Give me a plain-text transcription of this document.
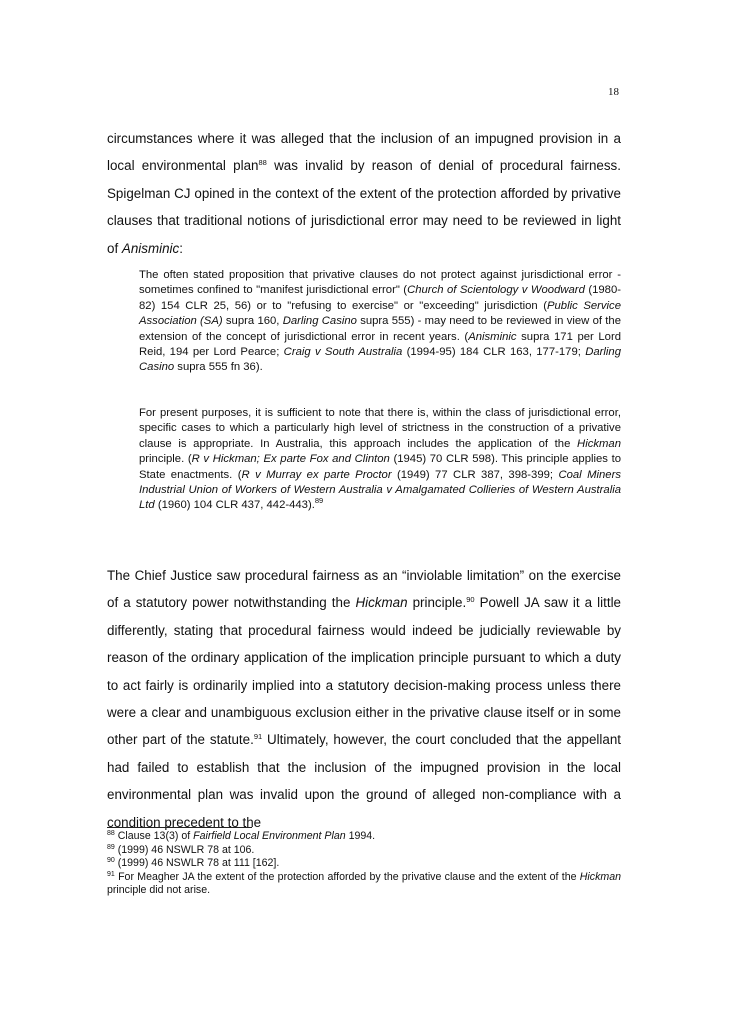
18

circumstances where it was alleged that the inclusion of an impugned provision in a local environmental plan$^{88}$ was invalid by reason of denial of procedural fairness. Spigelman CJ opined in the context of the extent of the protection afforded by privative clauses that traditional notions of jurisdictional error may need to be reviewed in light of Anisminic:

The often stated proposition that privative clauses do not protect against jurisdictional error - sometimes confined to "manifest jurisdictional error" (Church of Scientology v Woodward (1980-82) 154 CLR 25, 56) or to "refusing to exercise" or "exceeding" jurisdiction (Public Service Association (SA) supra 160, Darling Casino supra 555) - may need to be reviewed in view of the extension of the concept of jurisdictional error in recent years. (Anisminic supra 171 per Lord Reid, 194 per Lord Pearce; Craig v South Australia (1994-95) 184 CLR 163, 177-179; Darling Casino supra 555 fn 36).

For present purposes, it is sufficient to note that there is, within the class of jurisdictional error, specific cases to which a particularly high level of strictness in the construction of a privative clause is appropriate. In Australia, this approach includes the application of the Hickman principle. (R v Hickman; Ex parte Fox and Clinton (1945) 70 CLR 598). This principle applies to State enactments. (R v Murray ex parte Proctor (1949) 77 CLR 387, 398-399; Coal Miners Industrial Union of Workers of Western Australia v Amalgamated Collieries of Western Australia Ltd (1960) 104 CLR 437, 442-443).$^{89}$

The Chief Justice saw procedural fairness as an “inviolable limitation” on the exercise of a statutory power notwithstanding the Hickman principle.$^{90}$ Powell JA saw it a little differently, stating that procedural fairness would indeed be judicially reviewable by reason of the ordinary application of the implication principle pursuant to which a duty to act fairly is ordinarily implied into a statutory decision-making process unless there were a clear and unambiguous exclusion either in the privative clause itself or in some other part of the statute.$^{91}$ Ultimately, however, the court concluded that the appellant had failed to establish that the inclusion of the impugned provision in the local environmental plan was invalid upon the ground of alleged non-compliance with a condition precedent to the

$^{88}$ Clause 13(3) of Fairfield Local Environment Plan 1994.

$^{89}$ (1999) 46 NSWLR 78 at 106.

$^{90}$ (1999) 46 NSWLR 78 at 111 [162].

$^{91}$ For Meagher JA the extent of the protection afforded by the privative clause and the extent of the Hickman principle did not arise.
